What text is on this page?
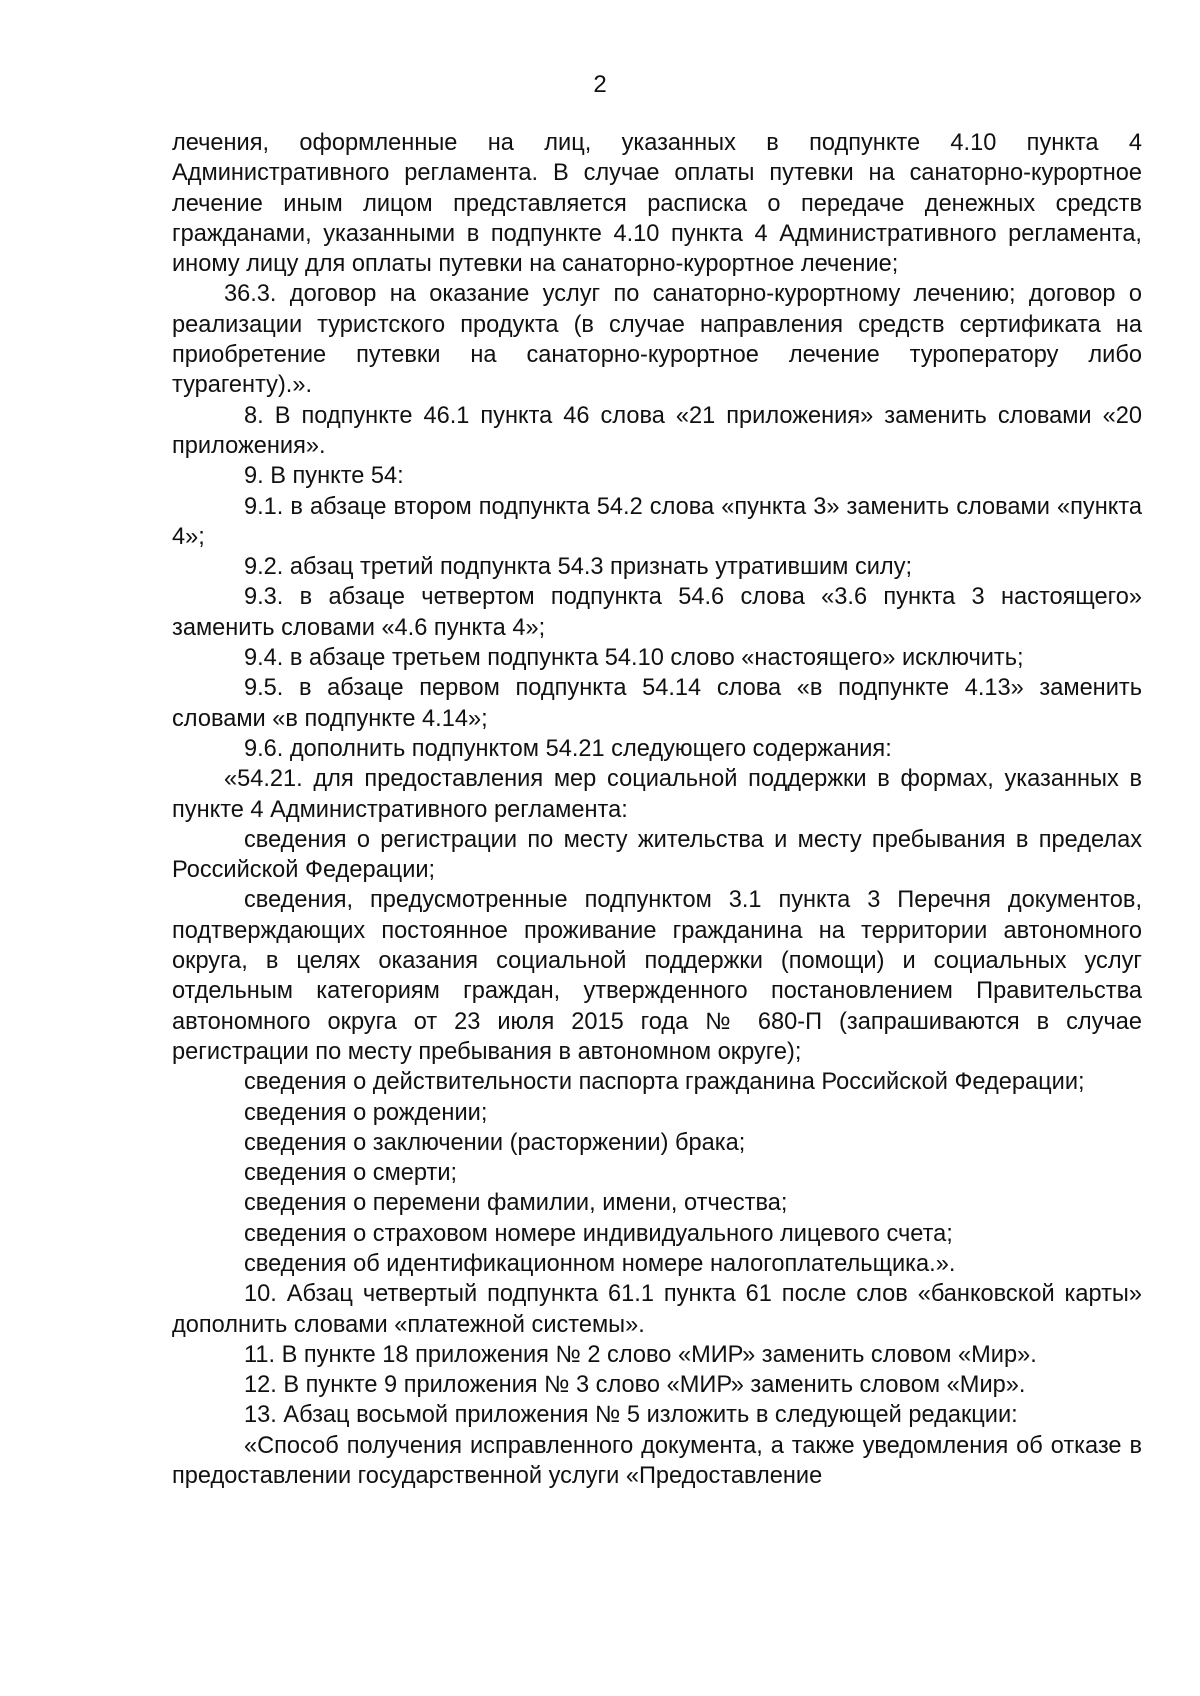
2

лечения, оформленные на лиц, указанных в подпункте 4.10 пункта 4 Административного регламента. В случае оплаты путевки на санаторно-курортное лечение иным лицом представляется расписка о передаче денежных средств гражданами, указанными в подпункте 4.10 пункта 4 Административного регламента, иному лицу для оплаты путевки на санаторно-курортное лечение;

36.3. договор на оказание услуг по санаторно-курортному лечению; договор о реализации туристского продукта (в случае направления средств сертификата на приобретение путевки на санаторно-курортное лечение туроператору либо турагенту).».

8. В подпункте 46.1 пункта 46 слова «21 приложения» заменить словами «20 приложения».

9. В пункте 54:

9.1. в абзаце втором подпункта 54.2 слова «пункта 3» заменить словами «пункта 4»;

9.2. абзац третий подпункта 54.3 признать утратившим силу;

9.3. в абзаце четвертом подпункта 54.6 слова «3.6 пункта 3 настоящего» заменить словами «4.6 пункта 4»;

9.4. в абзаце третьем подпункта 54.10 слово «настоящего» исключить;

9.5. в абзаце первом подпункта 54.14 слова «в подпункте 4.13» заменить словами «в подпункте 4.14»;

9.6. дополнить подпунктом 54.21 следующего содержания:

«54.21. для предоставления мер социальной поддержки в формах, указанных в пункте 4 Административного регламента:

сведения о регистрации по месту жительства и месту пребывания в пределах Российской Федерации;

сведения, предусмотренные подпунктом 3.1 пункта 3 Перечня документов, подтверждающих постоянное проживание гражданина на территории автономного округа, в целях оказания социальной поддержки (помощи) и социальных услуг отдельным категориям граждан, утвержденного постановлением Правительства автономного округа от 23 июля 2015 года № 680-П (запрашиваются в случае регистрации по месту пребывания в автономном округе);

сведения о действительности паспорта гражданина Российской Федерации;

сведения о рождении;

сведения о заключении (расторжении) брака;

сведения о смерти;

сведения о перемени фамилии, имени, отчества;

сведения о страховом номере индивидуального лицевого счета;

сведения об идентификационном номере налогоплательщика.».

10. Абзац четвертый подпункта 61.1 пункта 61 после слов «банковской карты» дополнить словами «платежной системы».

11. В пункте 18 приложения № 2 слово «МИР» заменить словом «Мир».

12. В пункте 9 приложения № 3 слово «МИР» заменить словом «Мир».

13. Абзац восьмой приложения № 5 изложить в следующей редакции:

«Способ получения исправленного документа, а также уведомления об отказе в предоставлении государственной услуги «Предоставление
